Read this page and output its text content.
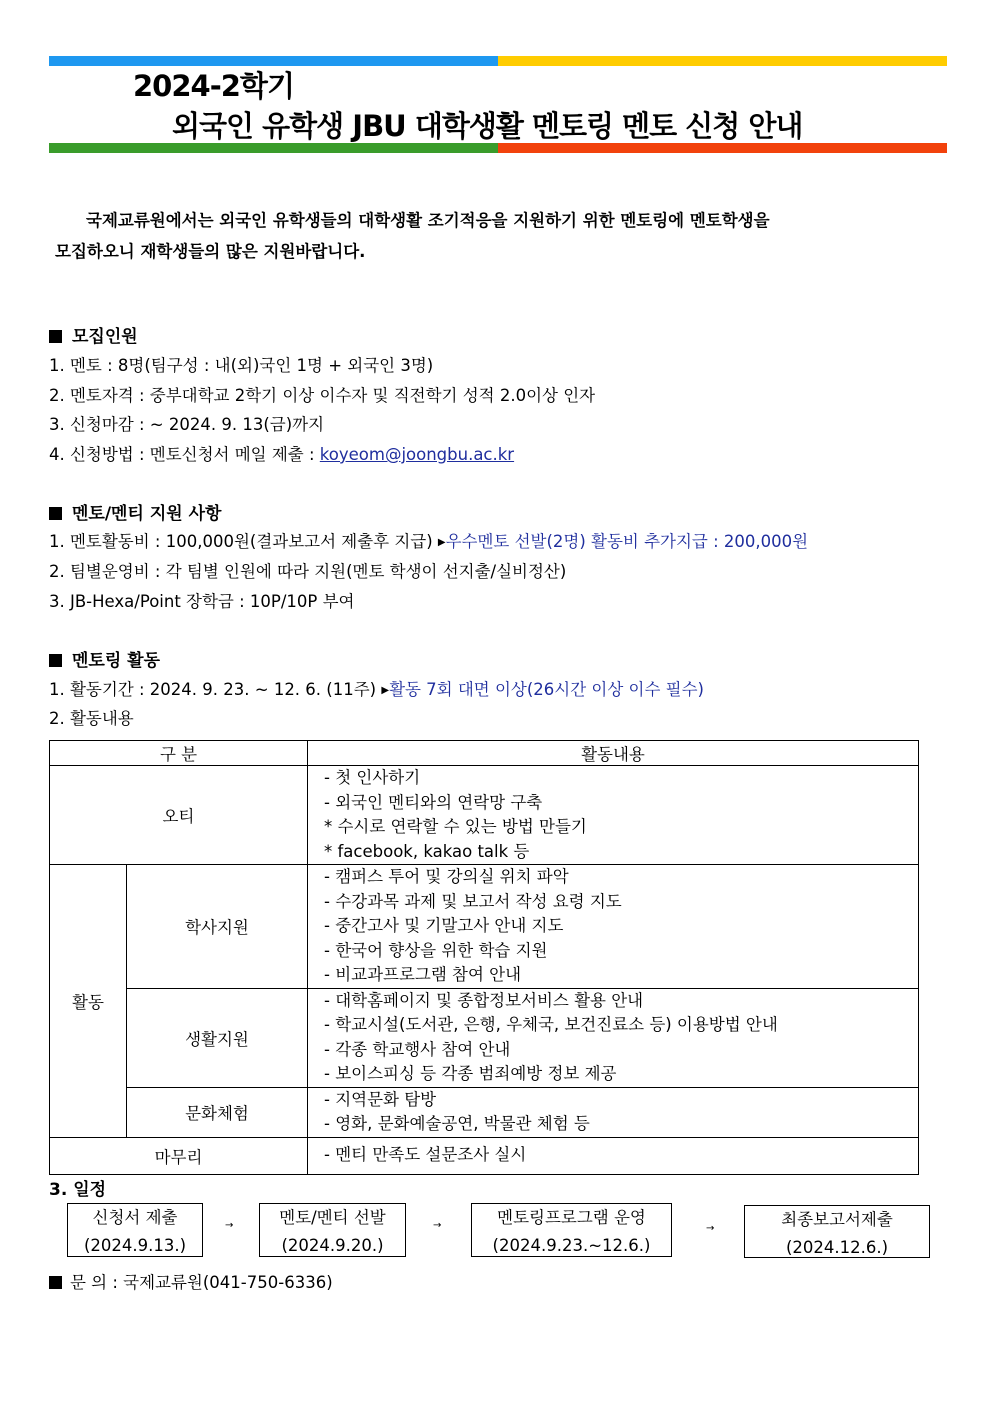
2024-2학기
외국인 유학생 JBU 대학생활 멘토링 멘토 신청 안내

국제교류원에서는 외국인 유학생들의 대학생활 조기적응을 지원하기 위한 멘토링에 멘토학생을

모집하오니 재학생들의 많은 지원바랍니다.

모집인원
1. 멘토 : 8명(팀구성 : 내(외)국인 1명 + 외국인 3명)
2. 멘토자격 : 중부대학교 2학기 이상 이수자 및 직전학기 성적 2.0이상 인자
3. 신청마감 : ~ 2024. 9. 13(금)까지
4. 신청방법 : 멘토신청서 메일 제출 : koyeom@joongbu.ac.kr
멘토/멘티 지원 사항
1. 멘토활동비 : 100,000원(결과보고서 제출후 지급) ▶우수멘토 선발(2명) 활동비 추가지급 : 200,000원
2. 팀별운영비 : 각 팀별 인원에 따라 지원(멘토 학생이 선지출/실비정산)
3. JB-Hexa/Point 장학금 : 10P/10P 부여
멘토링 활동
1. 활동기간 : 2024. 9. 23. ~ 12. 6. (11주) ▶활동 7회 대면 이상(26시간 이상 이수 필수)
2. 활동내용
구 분		활동내용
오티		- 첫 인사하기
- 외국인 멘티와의 연락망 구축
* 수시로 연락할 수 있는 방법 만들기
* facebook, kakao talk 등

활동	학사지원	- 캠퍼스 투어 및 강의실 위치 파악
- 수강과목 과제 및 보고서 작성 요령 지도
- 중간고사 및 기말고사 안내 지도
- 한국어 향상을 위한 학습 지원
- 비교과프로그램 참여 안내

	생활지원	- 대학홈페이지 및 종합정보서비스 활용 안내
- 학교시설(도서관, 은행, 우체국, 보건진료소 등) 이용방법 안내
- 각종 학교행사 참여 안내
- 보이스피싱 등 각종 범죄예방 정보 제공

	문화체험	- 지역문화 탐방
- 영화, 문화예술공연, 박물관 체험 등

마무리		- 멘티 만족도 설문조사 실시
3. 일정
신청서 제출
(2024.9.13.)
→	멘토/멘티 선발
(2024.9.20.)
→	멘토링프로그램 운영
(2024.9.23.~12.6.)
→	최종보고서제출
(2024.12.6.)
문 의 : 국제교류원(041-750-6336)
